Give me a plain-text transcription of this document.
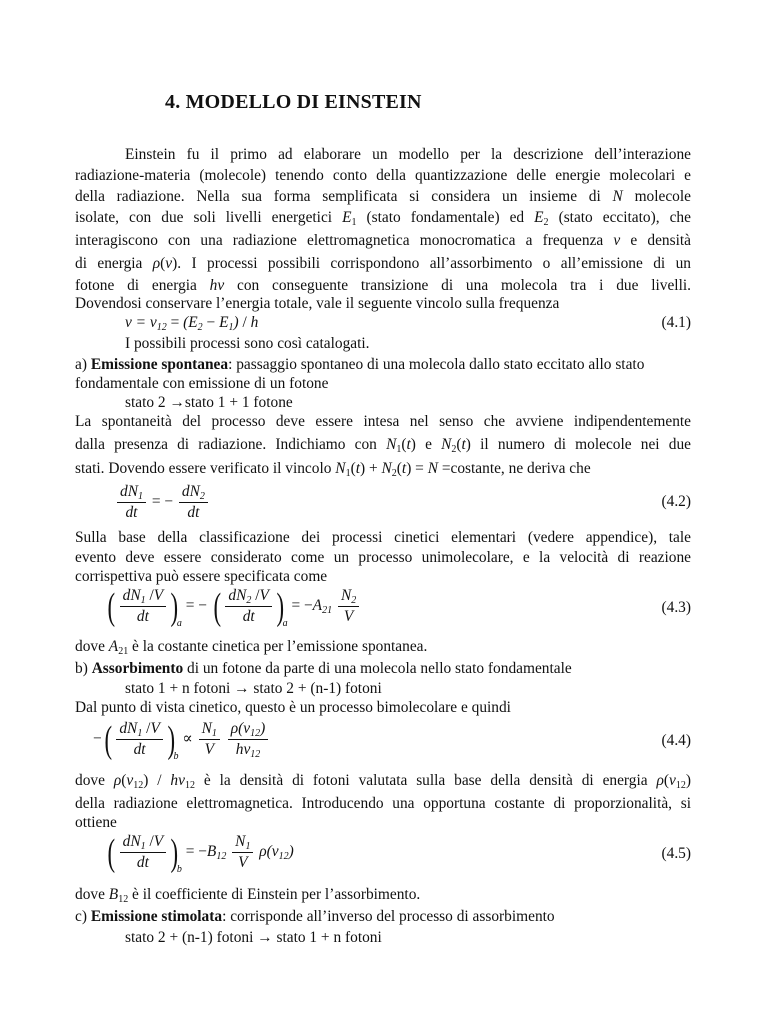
4. MODELLO DI EINSTEIN

Einstein fu il primo ad elaborare un modello per la descrizione dell’interazione

radiazione-materia (molecole) tenendo conto della quantizzazione delle energie molecolari e

della radiazione. Nella sua forma semplificata si considera un insieme di N molecole

isolate, con due soli livelli energetici $E_1$ (stato fondamentale) ed $E_2$ (stato eccitato), che

interagiscono con una radiazione elettromagnetica monocromatica a frequenza ν e densità

di energia ρ(ν). I processi possibili corrispondono all’assorbimento o all’emissione di un

fotone di energia hν con conseguente transizione di una molecola tra i due livelli.

Dovendosi conservare l’energia totale, vale il seguente vincolo sulla frequenza

$v = v_{12} = (E_2 - E_1) / h$	(4.1)

I possibili processi sono così catalogati.

a) Emissione spontanea: passaggio spontaneo di una molecola dallo stato eccitato allo stato

fondamentale con emissione di un fotone

stato 2 →stato 1 + 1 fotone

La spontaneità del processo deve essere intesa nel senso che avviene indipendentemente

dalla presenza di radiazione. Indichiamo con $N_1(t)$ e $N_2(t)$ il numero di molecole nei due

stati. Dovendo essere verificato il vincolo $N_1(t) + N_2(t) = N$ =costante, ne deriva che

$\frac{dN_1}{dt}$ = − $\frac{dN_2}{dt}$	(4.2)

Sulla base della classificazione dei processi cinetici elementari (vedere appendice), tale

evento deve essere considerato come un processo unimolecolare, e la velocità di reazione

corrispettiva può essere specificata come

( $\frac{dN_1 /V}{dt} )_a$ = − ( $\frac{dN_2 /V}{dt} )_a = -A_{21} \frac{N_2}{V}$	(4.3)

dove $A_{21}$ è la costante cinetica per l’emissione spontanea.

b) Assorbimento di un fotone da parte di una molecola nello stato fondamentale

stato 1 + n fotoni → stato 2 + (n-1) fotoni

Dal punto di vista cinetico, questo è un processo bimolecolare e quindi

−( $\frac{dN_1 /V}{dt} )_b \propto \frac{N_1}{V}$
$\frac{\rho(\nu_{12})}{h\nu_{12}}$	(4.4)

dove $\rho(\nu_{12}) / h\nu_{12}$ è la densità di fotoni valutata sulla base della densità di energia $\rho(\nu_{12})$

della radiazione elettromagnetica. Introducendo una opportuna costante di proporzionalità, si

ottiene

( $\frac{dN_1 /V}{dt} )_b = -B_{12} \frac{N_1}{V} \rho(\nu_{12})$	(4.5)

dove $B_{12}$ è il coefficiente di Einstein per l’assorbimento.

c) Emissione stimolata: corrisponde all’inverso del processo di assorbimento

stato 2 + (n-1) fotoni → stato 1 + n fotoni
